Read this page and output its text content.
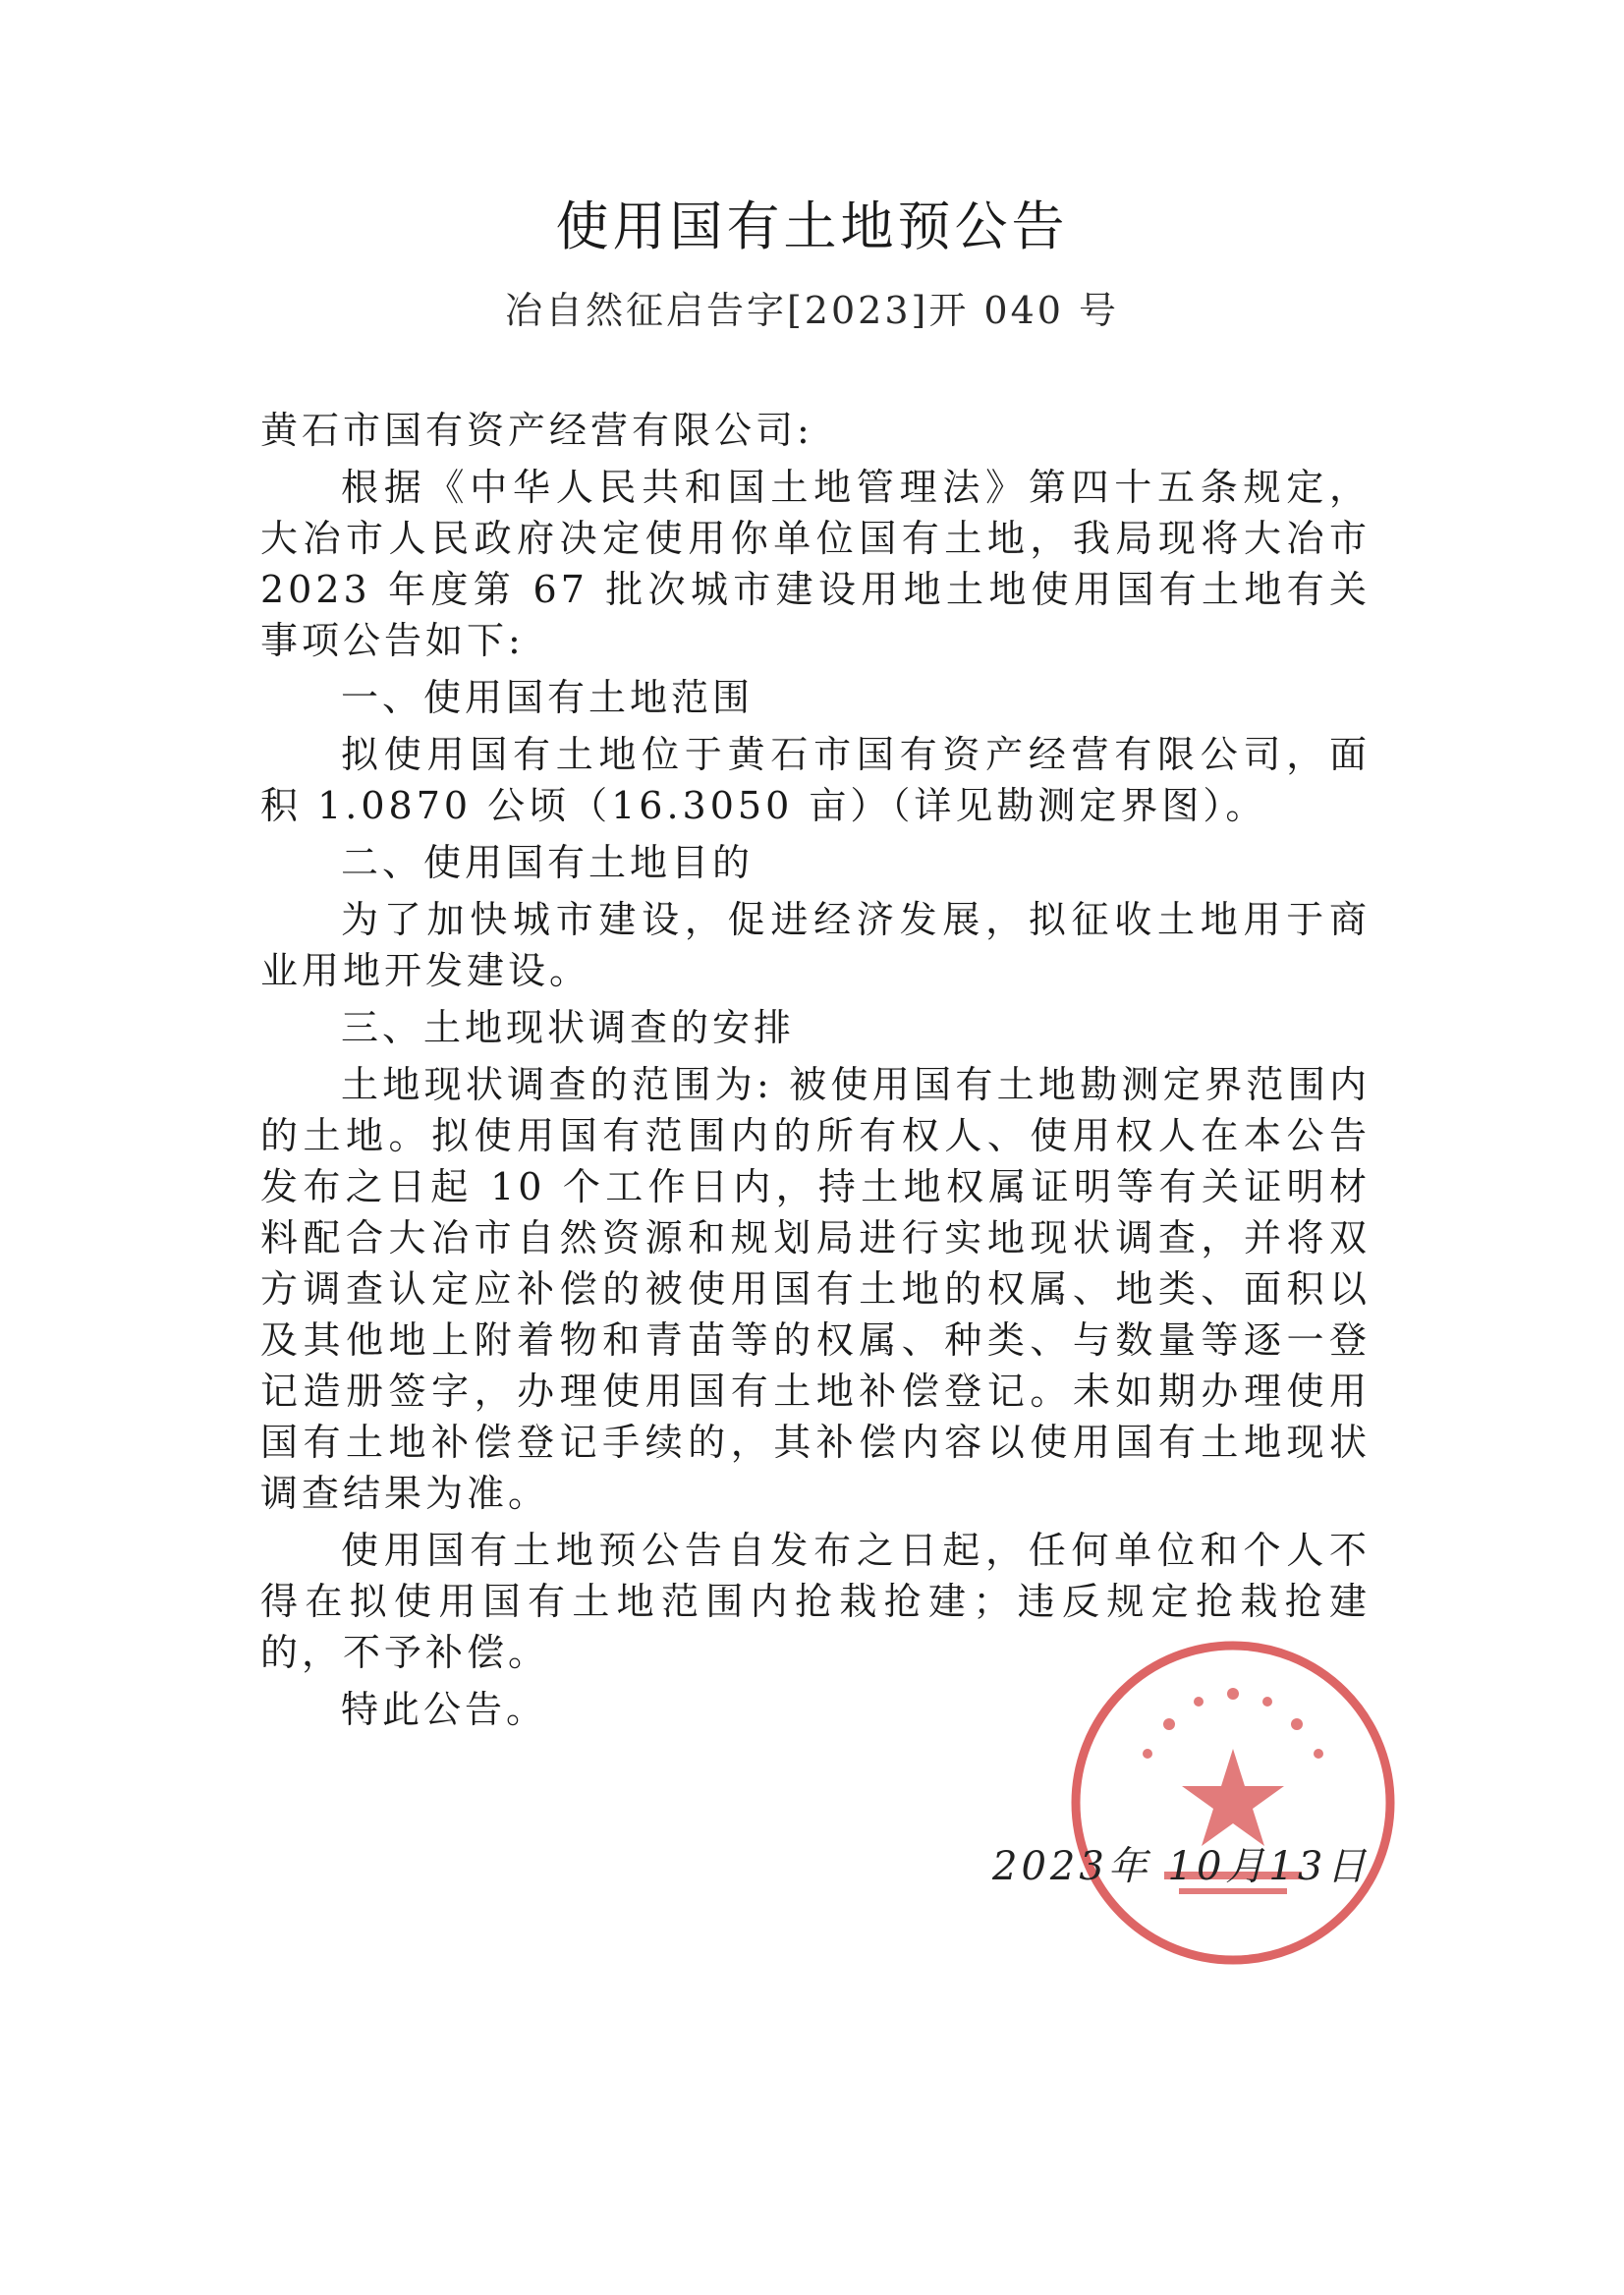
使用国有土地预公告
冶自然征启告字[2023]开 040 号

黄石市国有资产经营有限公司:

根据《中华人民共和国土地管理法》第四十五条规定，大冶市人民政府决定使用你单位国有土地，我局现将大冶市 2023 年度第 67 批次城市建设用地土地使用国有土地有关事项公告如下:

一、使用国有土地范围

拟使用国有土地位于黄石市国有资产经营有限公司，面积 1.0870 公顷（16.3050 亩）（详见勘测定界图）。

二、使用国有土地目的

为了加快城市建设，促进经济发展，拟征收土地用于商业用地开发建设。

三、土地现状调查的安排

土地现状调查的范围为: 被使用国有土地勘测定界范围内的土地。拟使用国有范围内的所有权人、使用权人在本公告发布之日起 10 个工作日内，持土地权属证明等有关证明材料配合大冶市自然资源和规划局进行实地现状调查，并将双方调查认定应补偿的被使用国有土地的权属、地类、面积以及其他地上附着物和青苗等的权属、种类、与数量等逐一登记造册签字，办理使用国有土地补偿登记。未如期办理使用国有土地补偿登记手续的，其补偿内容以使用国有土地现状调查结果为准。

使用国有土地预公告自发布之日起，任何单位和个人不得在拟使用国有土地范围内抢栽抢建；违反规定抢栽抢建的，不予补偿。

特此公告。

2023年 10月13日
